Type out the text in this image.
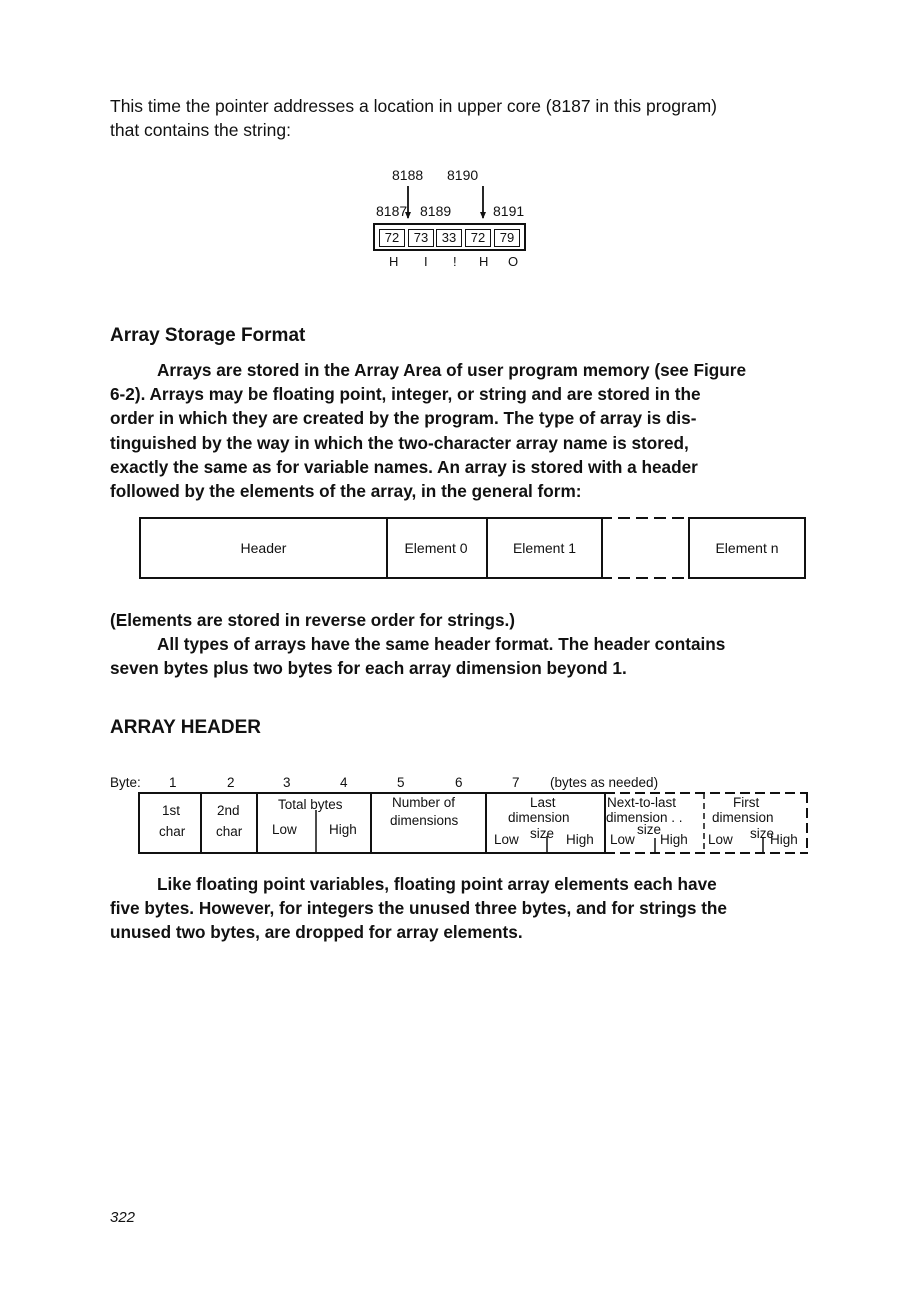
This time the pointer addresses a location in upper core (8187 in this program)
that contains the string:
8188 8190
8187 8189	8191
72	73	33	72	79
H I ! H O
Array Storage Format
Arrays are stored in the Array Area of user program memory (see Figure
6-2). Arrays may be floating point, integer, or string and are stored in the
order in which they are created by the program. The type of array is dis-
tinguished by the way in which the two-character array name is stored,
exactly the same as for variable names. An array is stored with a header
followed by the elements of the array, in the general form:
Header	Element 0	Element 1	Element n
(Elements are stored in reverse order for strings.)
All types of arrays have the same header format. The header contains
seven bytes plus two bytes for each array dimension beyond 1.
ARRAY HEADER
Byte: 1	2	3	4	5	6	7 (bytes as needed)
1st
char
2nd
char
Total bytes
Low High
Number of
dimensions
Last
dimension
Low size High
Next-to-last
dimension . .
Low
size
High
First
dimension
Low size
High
Like floating point variables, floating point array elements each have
five bytes. However, for integers the unused three bytes, and for strings the
unused two bytes, are dropped for array elements.
322
